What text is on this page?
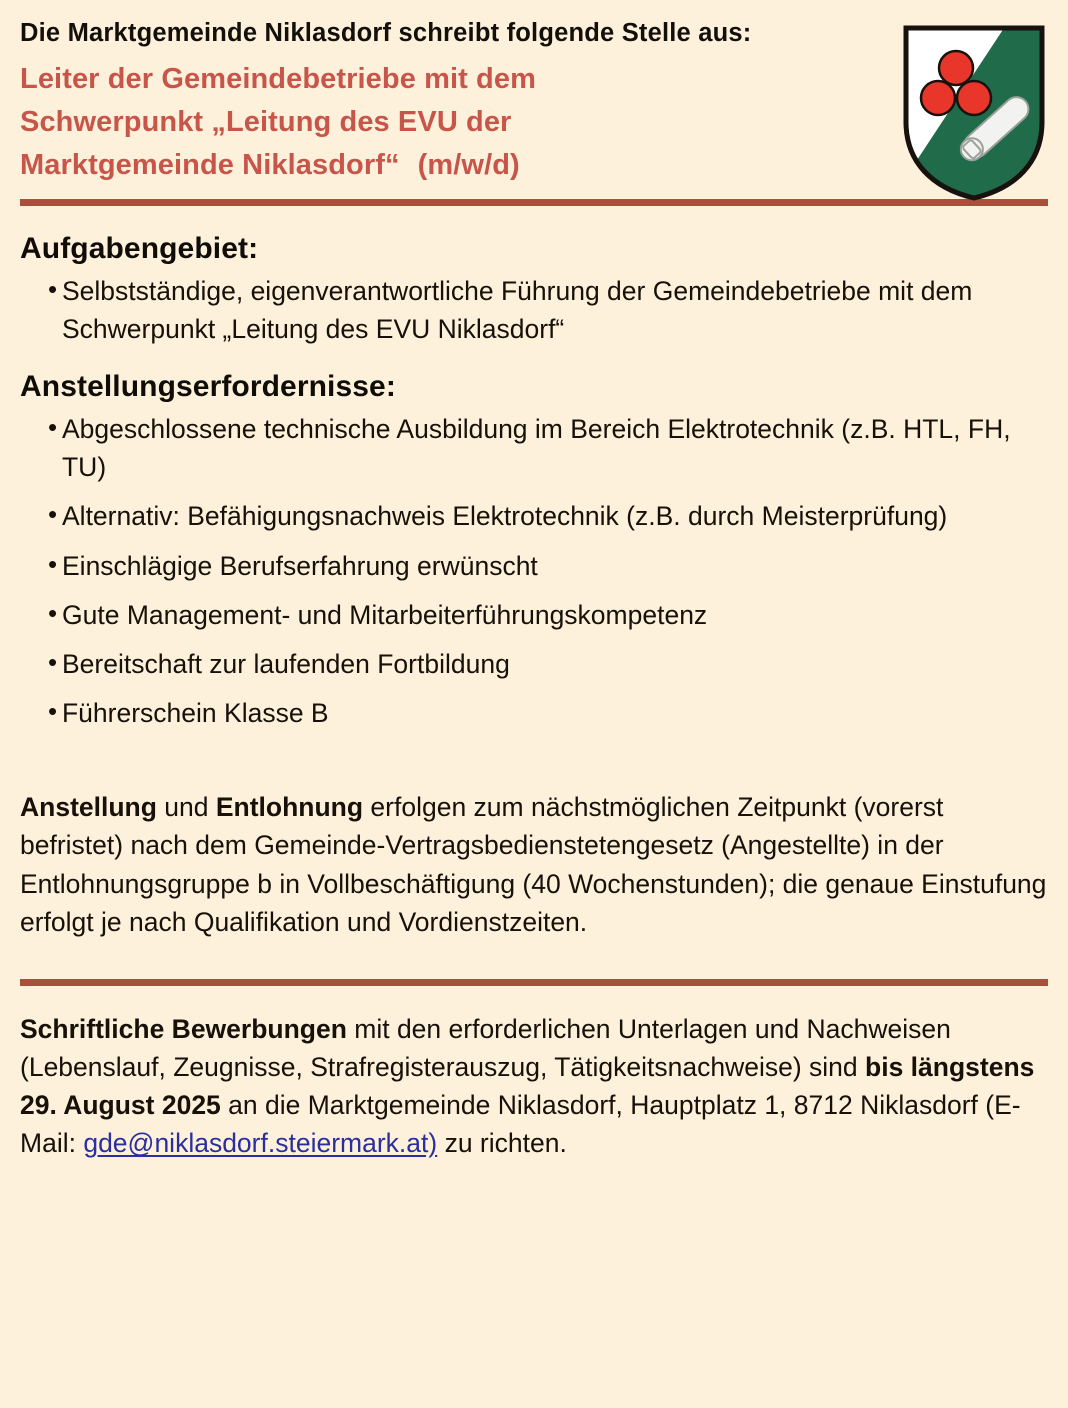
Die Marktgemeinde Niklasdorf schreibt folgende Stelle aus:

Leiter der Gemeindebetriebe mit dem
Schwerpunkt „Leitung des EVU der
Marktgemeinde Niklasdorf“ (m/w/d)
Aufgabengebiet:
• Selbstständige, eigenverantwortliche Führung der Gemeindebetriebe mit dem Schwerpunkt „Leitung des EVU Niklasdorf“
Anstellungserfordernisse:
• Abgeschlossene technische Ausbildung im Bereich Elektrotechnik (z.B. HTL, FH, TU)
• Alternativ: Befähigungsnachweis Elektrotechnik (z.B. durch Meisterprüfung)
• Einschlägige Berufserfahrung erwünscht
• Gute Management- und Mitarbeiterführungskompetenz
• Bereitschaft zur laufenden Fortbildung
• Führerschein Klasse B

Anstellung und Entlohnung erfolgen zum nächstmöglichen Zeitpunkt (vorerst befristet) nach dem Gemeinde-Vertragsbedienstetengesetz (Angestellte) in der Entlohnungsgruppe b in Vollbeschäftigung (40 Wochenstunden); die genaue Einstufung erfolgt je nach Qualifikation und Vordienstzeiten.

Schriftliche Bewerbungen mit den erforderlichen Unterlagen und Nachweisen (Lebenslauf, Zeugnisse, Strafregisterauszug, Tätigkeitsnachweise) sind bis längstens 29. August 2025 an die Marktgemeinde Niklasdorf, Hauptplatz 1, 8712 Niklasdorf (E-Mail: gde@niklasdorf.steiermark.at) zu richten.
